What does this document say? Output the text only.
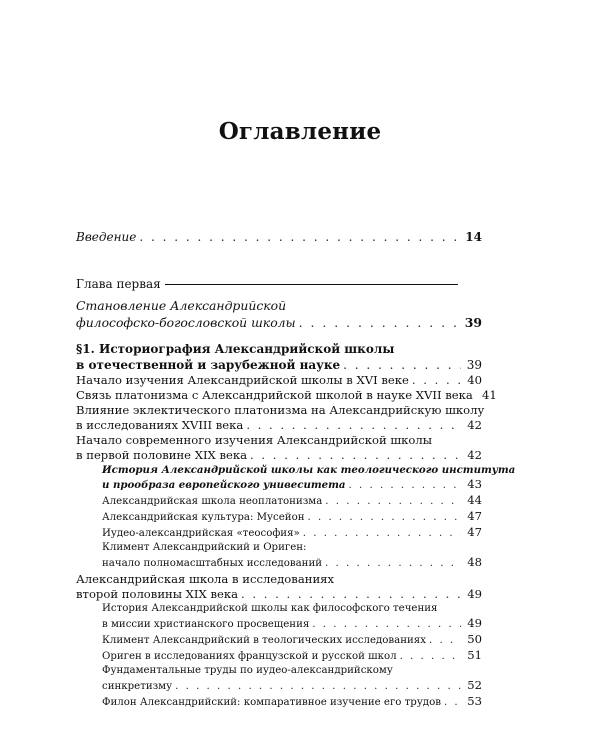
Оглавление
Введение . . .	14
Глава первая
Становление Александрийской
философско-богословской школы . . .	39
§1. Историография Александрийской школы
в отечественной и зарубежной науке . . .	39
Начало изучения Александрийской школы в XVI веке . . .	40
Связь платонизма с Александрийской школой в науке XVII века 41
Влияние эклектического платонизма на Александрийскую школу
в исследованиях XVIII века . . .	42
Начало современного изучения Александрийской школы
в первой половине XIX века . . .	42
История Александрийской школы как теологического института
и прообраза европейского унивеситета . . .	43
Александрийская школа неоплатонизма . . .	44
Александрийская культура: Мусейон . . .	47
Иудео-александрийская «теософия» . . .	47
Климент Александрийский и Ориген:
начало полномасштабных исследований . . .	48
Александрийская школа в исследованиях
второй половины XIX века . . .	49
История Александрийской школы как философского течения
в миссии христианского просвещения . . .	49
Климент Александрийский в теологических исследованиях . . .	50
Ориген в исследованиях французской и русской школ . . .	51
Фундаментальные труды по иудео-александрийскому
синкретизму . . .	52
Филон Александрийский: компаративное изучение его трудов . . . 53
